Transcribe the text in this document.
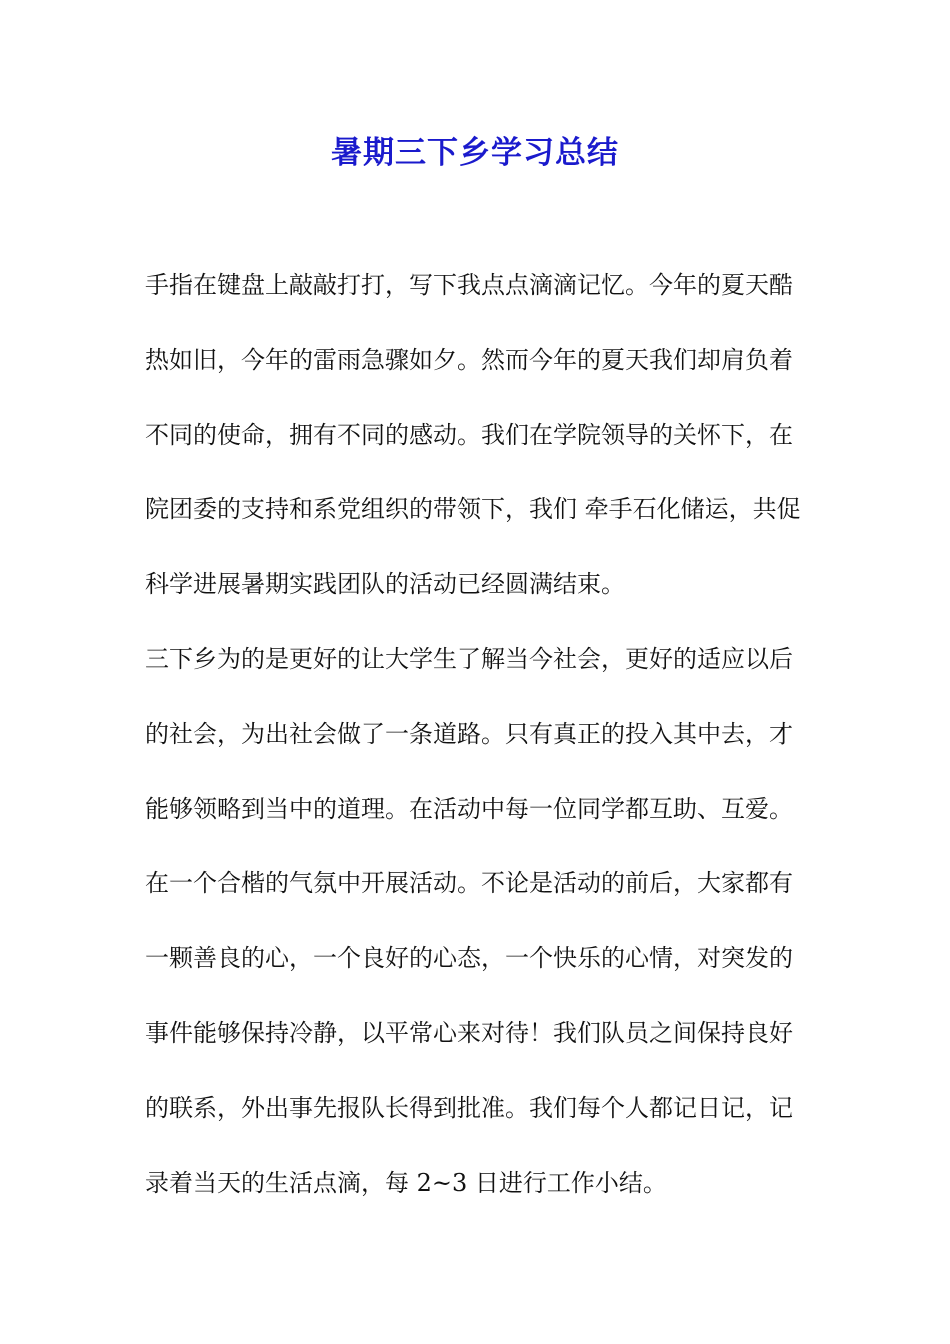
暑期三下乡学习总结

手指在键盘上敲敲打打，写下我点点滴滴记忆。今年的夏天酷

热如旧，今年的雷雨急骤如夕。然而今年的夏天我们却肩负着

不同的使命，拥有不同的感动。我们在学院领导的关怀下，在

院团委的支持和系党组织的带领下，我们 牵手石化储运，共促

科学进展暑期实践团队的活动已经圆满结束。

三下乡为的是更好的让大学生了解当今社会，更好的适应以后

的社会，为出社会做了一条道路。只有真正的投入其中去，才

能够领略到当中的道理。在活动中每一位同学都互助、互爱。

在一个合楷的气氛中开展活动。不论是活动的前后，大家都有

一颗善良的心，一个良好的心态，一个快乐的心情，对突发的

事件能够保持冷静，以平常心来对待！我们队员之间保持良好

的联系，外出事先报队长得到批准。我们每个人都记日记，记

录着当天的生活点滴，每 2~3 日进行工作小结。
